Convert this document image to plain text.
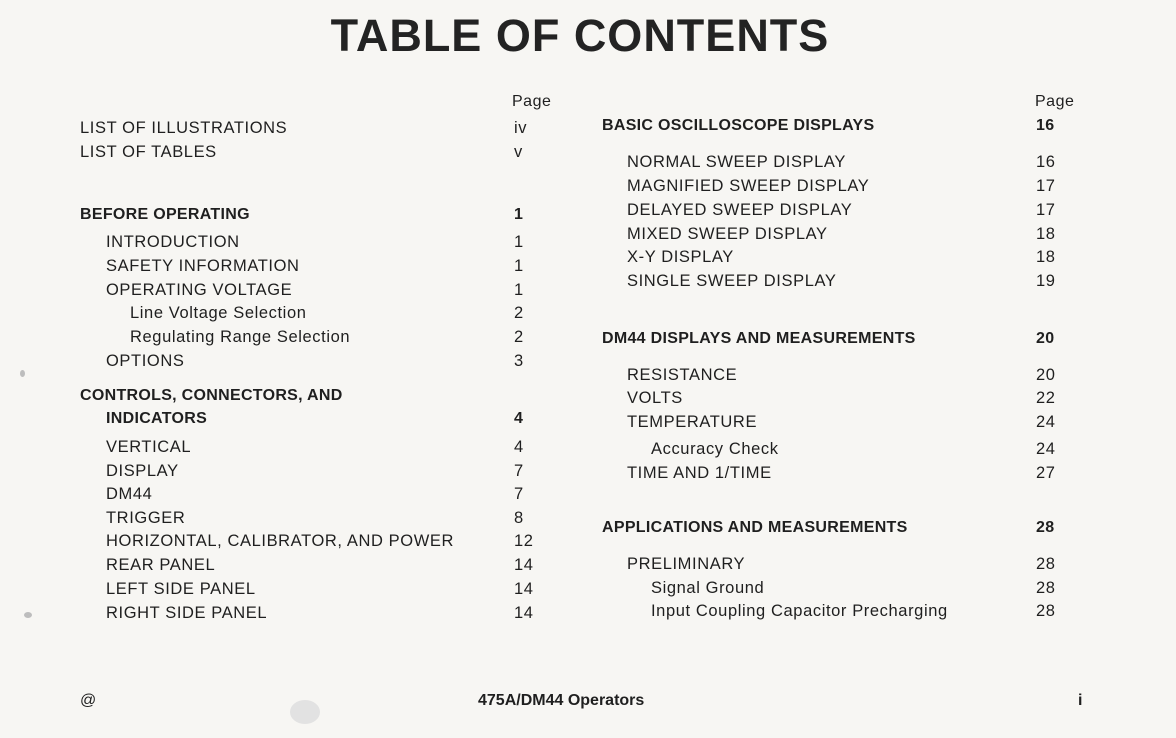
TABLE OF CONTENTS
Page	Page
LIST OF ILLUSTRATIONS	iv
LIST OF TABLES	v
BEFORE OPERATING	1
INTRODUCTION	1
SAFETY INFORMATION	1
OPERATING VOLTAGE	1
Line Voltage Selection	2
Regulating Range Selection	2
OPTIONS	3
CONTROLS, CONNECTORS, AND
INDICATORS	4
VERTICAL	4
DISPLAY	7
DM44	7
TRIGGER	8
HORIZONTAL, CALIBRATOR, AND POWER	12
REAR PANEL	14
LEFT SIDE PANEL	14
RIGHT SIDE PANEL	14
BASIC OSCILLOSCOPE DISPLAYS	16
NORMAL SWEEP DISPLAY	16
MAGNIFIED SWEEP DISPLAY	17
DELAYED SWEEP DISPLAY	17
MIXED SWEEP DISPLAY	18
X-Y DISPLAY	18
SINGLE SWEEP DISPLAY	19
DM44 DISPLAYS AND MEASUREMENTS	20
RESISTANCE	20
VOLTS	22
TEMPERATURE	24
Accuracy Check	24
TIME AND 1/TIME	27
APPLICATIONS AND MEASUREMENTS	28
PRELIMINARY	28
Signal Ground	28
Input Coupling Capacitor Precharging	28
@	475A/DM44 Operators	i
